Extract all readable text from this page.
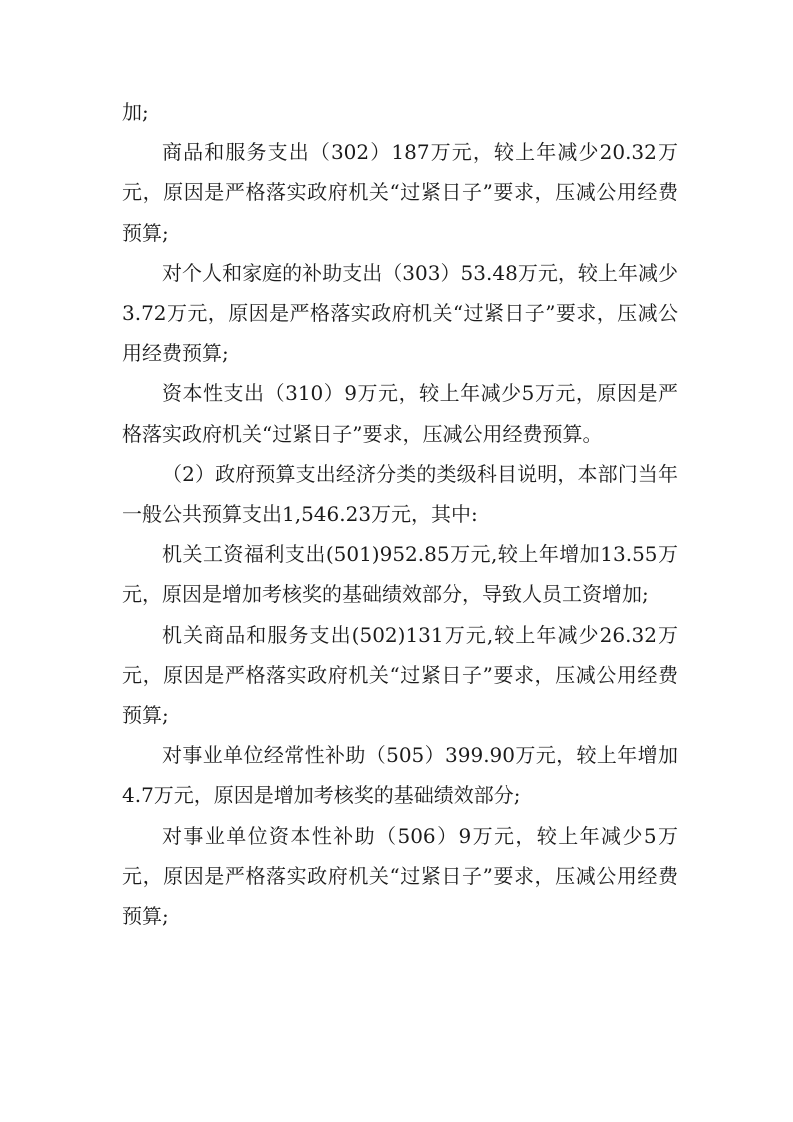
加;

商品和服务支出（302）187万元，较上年减少20.32万元，原因是严格落实政府机关“过紧日子”要求，压减公用经费预算;

对个人和家庭的补助支出（303）53.48万元，较上年减少3.72万元，原因是严格落实政府机关“过紧日子”要求，压减公用经费预算;

资本性支出（310）9万元，较上年减少5万元，原因是严格落实政府机关“过紧日子”要求，压减公用经费预算。

（2）政府预算支出经济分类的类级科目说明，本部门当年一般公共预算支出1,546.23万元，其中:

机关工资福利支出(501)952.85万元,较上年增加13.55万元，原因是增加考核奖的基础绩效部分，导致人员工资增加;

机关商品和服务支出(502)131万元,较上年减少26.32万元，原因是严格落实政府机关“过紧日子”要求，压减公用经费预算;

对事业单位经常性补助（505）399.90万元，较上年增加4.7万元，原因是增加考核奖的基础绩效部分;

对事业单位资本性补助（506）9万元，较上年减少5万元，原因是严格落实政府机关“过紧日子”要求，压减公用经费预算;
